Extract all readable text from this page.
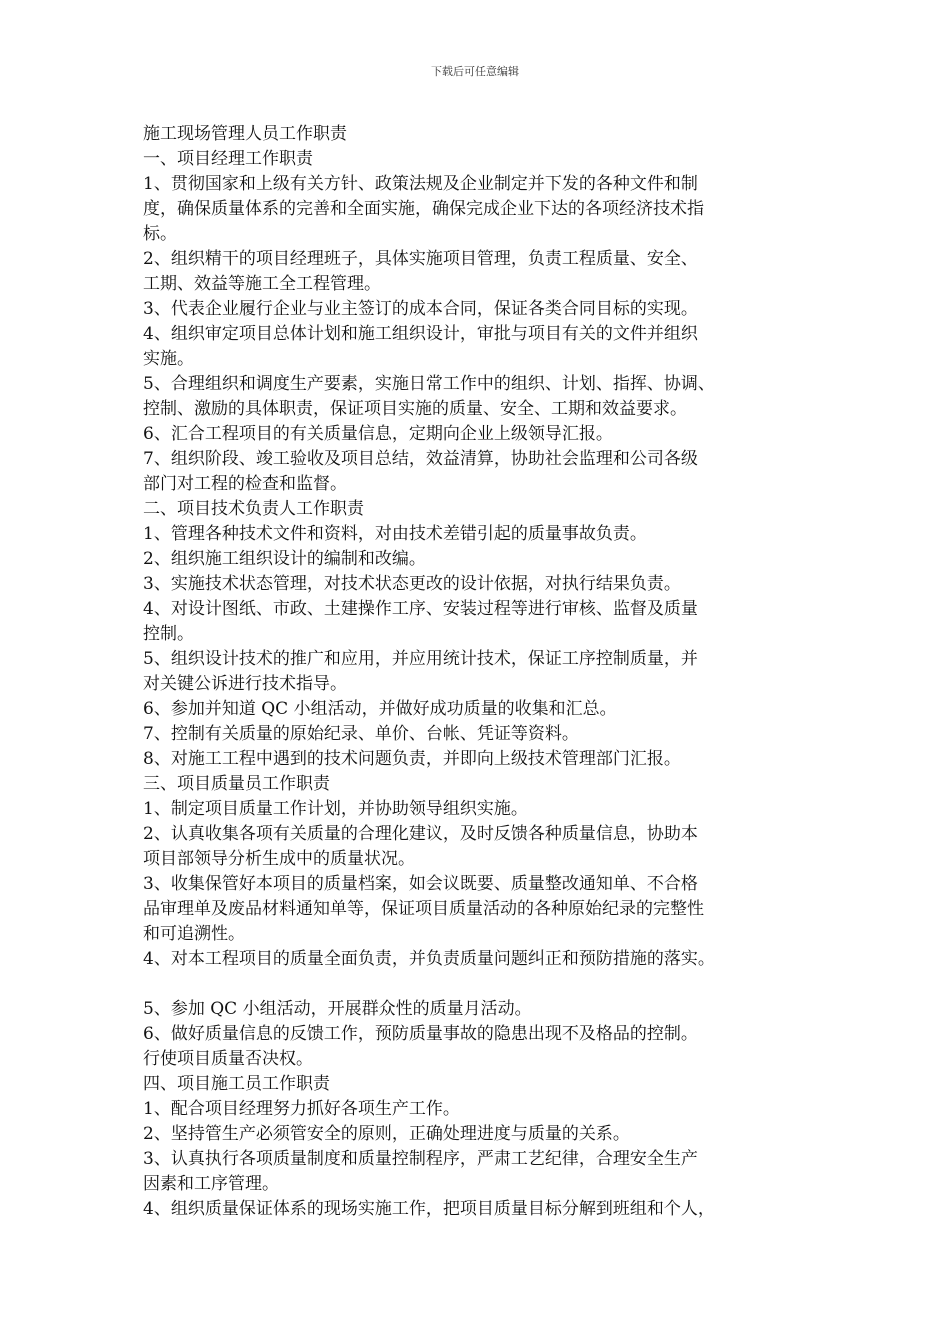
下载后可任意编辑
施工现场管理人员工作职责
一、项目经理工作职责
1、贯彻国家和上级有关方针、政策法规及企业制定并下发的各种文件和制
度，确保质量体系的完善和全面实施，确保完成企业下达的各项经济技术指
标。
2、组织精干的项目经理班子，具体实施项目管理，负责工程质量、安全、
工期、效益等施工全工程管理。
3、代表企业履行企业与业主签订的成本合同，保证各类合同目标的实现。
4、组织审定项目总体计划和施工组织设计，审批与项目有关的文件并组织
实施。
5、合理组织和调度生产要素，实施日常工作中的组织、计划、指挥、协调、
控制、激励的具体职责，保证项目实施的质量、安全、工期和效益要求。
6、汇合工程项目的有关质量信息，定期向企业上级领导汇报。
7、组织阶段、竣工验收及项目总结，效益清算，协助社会监理和公司各级
部门对工程的检查和监督。
二、项目技术负责人工作职责
1、管理各种技术文件和资料，对由技术差错引起的质量事故负责。
2、组织施工组织设计的编制和改编。
3、实施技术状态管理，对技术状态更改的设计依据，对执行结果负责。
4、对设计图纸、市政、土建操作工序、安装过程等进行审核、监督及质量
控制。
5、组织设计技术的推广和应用，并应用统计技术，保证工序控制质量，并
对关键公诉进行技术指导。
6、参加并知道 QC 小组活动，并做好成功质量的收集和汇总。
7、控制有关质量的原始纪录、单价、台帐、凭证等资料。
8、对施工工程中遇到的技术问题负责，并即向上级技术管理部门汇报。
三、项目质量员工作职责
1、制定项目质量工作计划，并协助领导组织实施。
2、认真收集各项有关质量的合理化建议，及时反馈各种质量信息，协助本
项目部领导分析生成中的质量状况。
3、收集保管好本项目的质量档案，如会议既要、质量整改通知单、不合格
品审理单及废品材料通知单等，保证项目质量活动的各种原始纪录的完整性
和可追溯性。
4、对本工程项目的质量全面负责，并负责质量问题纠正和预防措施的落实。
5、参加 QC 小组活动，开展群众性的质量月活动。
6、做好质量信息的反馈工作，预防质量事故的隐患出现不及格品的控制。
行使项目质量否决权。
四、项目施工员工作职责
1、配合项目经理努力抓好各项生产工作。
2、坚持管生产必须管安全的原则，正确处理进度与质量的关系。
3、认真执行各项质量制度和质量控制程序，严肃工艺纪律，合理安全生产
因素和工序管理。
4、组织质量保证体系的现场实施工作，把项目质量目标分解到班组和个人，
